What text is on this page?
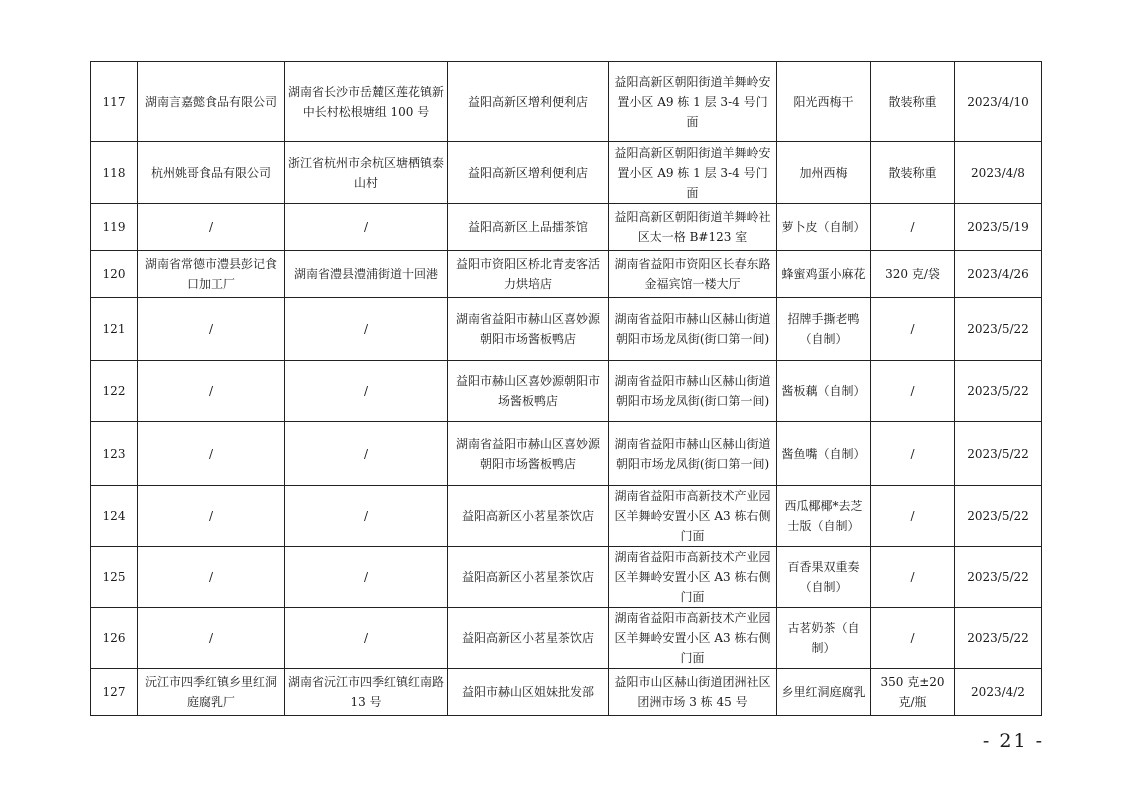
117	湖南言嘉懿食品有限公司	湖南省长沙市岳麓区莲花镇新中长村松根塘组 100 号	益阳高新区增利便利店	益阳高新区朝阳街道羊舞岭安置小区 A9 栋 1 层 3-4 号门面	阳光西梅干	散装称重	2023/4/10
118	杭州姚哥食品有限公司	浙江省杭州市余杭区塘栖镇泰山村	益阳高新区增利便利店	益阳高新区朝阳街道羊舞岭安置小区 A9 栋 1 层 3-4 号门面	加州西梅	散装称重	2023/4/8
119	/	/	益阳高新区上品擂茶馆	益阳高新区朝阳街道羊舞岭社区太一格 B#123 室	萝卜皮（自制）	/	2023/5/19
120	湖南省常德市澧县彭记食口加工厂	湖南省澧县澧浦街道十回港	益阳市资阳区桥北青麦客活力烘培店	湖南省益阳市资阳区长春东路金福宾馆一楼大厅	蜂蜜鸡蛋小麻花	320 克/袋	2023/4/26
121	/	/	湖南省益阳市赫山区喜妙源朝阳市场酱板鸭店	湖南省益阳市赫山区赫山街道朝阳市场龙凤街(街口第一间)	招牌手撕老鸭（自制）	/	2023/5/22
122	/	/	益阳市赫山区喜妙源朝阳市场酱板鸭店	湖南省益阳市赫山区赫山街道朝阳市场龙凤街(街口第一间)	酱板藕（自制）	/	2023/5/22
123	/	/	湖南省益阳市赫山区喜妙源朝阳市场酱板鸭店	湖南省益阳市赫山区赫山街道朝阳市场龙凤街(街口第一间)	酱鱼嘴（自制）	/	2023/5/22
124	/	/	益阳高新区小茗星茶饮店	湖南省益阳市高新技术产业园区羊舞岭安置小区 A3 栋右侧门面	西瓜椰椰*去芝士版（自制）	/	2023/5/22
125	/	/	益阳高新区小茗星茶饮店	湖南省益阳市高新技术产业园区羊舞岭安置小区 A3 栋右侧门面	百香果双重奏（自制）	/	2023/5/22
126	/	/	益阳高新区小茗星茶饮店	湖南省益阳市高新技术产业园区羊舞岭安置小区 A3 栋右侧门面	古茗奶茶（自制）	/	2023/5/22
127	沅江市四季红镇乡里红洞庭腐乳厂	湖南省沅江市四季红镇红南路 13 号	益阳市赫山区姐妹批发部	益阳市山区赫山街道团洲社区团洲市场 3 栋 45 号	乡里红洞庭腐乳	350 克±20 克/瓶	2023/4/2
- 21 -
